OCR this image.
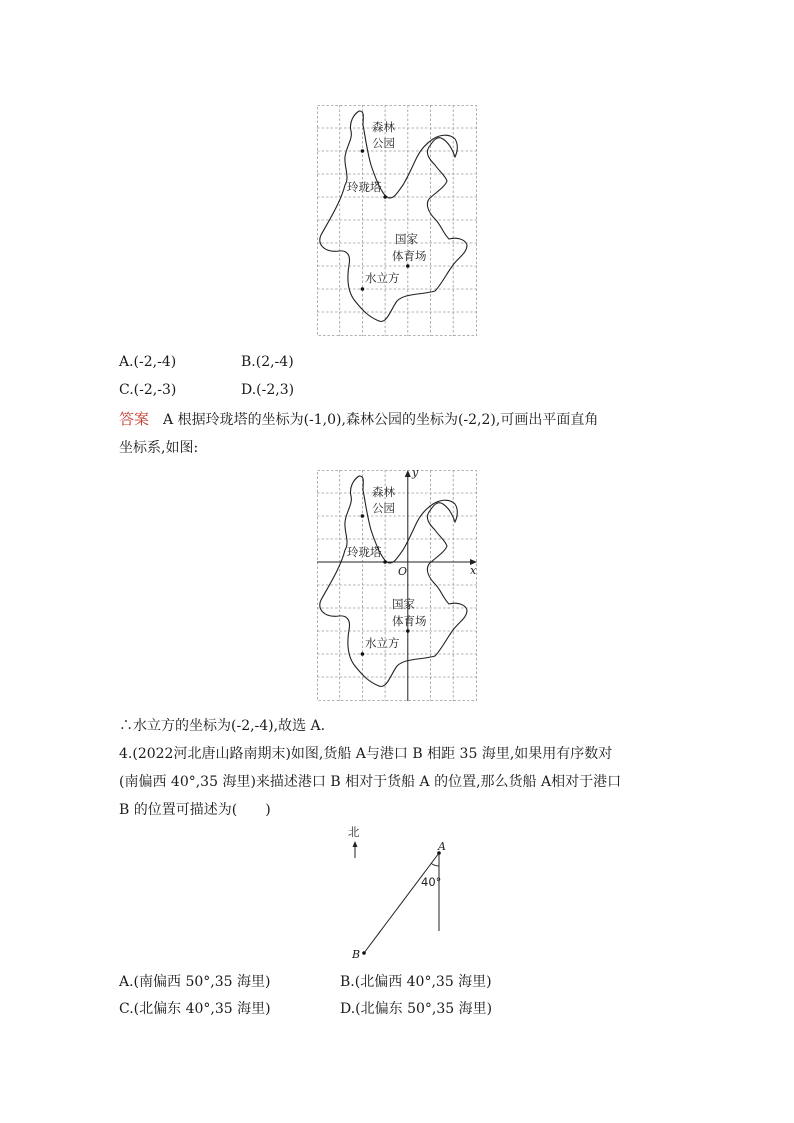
森林
公园
玲珑塔
国家
体育场
水立方
A.(-2,-4)	B.(2,-4)
C.(-2,-3)	D.(-2,3)
答案 A 根据玲珑塔的坐标为(-1,0),森林公园的坐标为(-2,2),可画出平面直角
坐标系,如图:
森林
公园
玲珑塔
国家
体育场
水立方
x
y
O
∴水立方的坐标为(-2,-4),故选 A.
4.(2022河北唐山路南期末)如图,货船 A与港口 B 相距 35 海里,如果用有序数对
(南偏西 40°,35 海里)来描述港口 B 相对于货船 A 的位置,那么货船 A相对于港口
B 的位置可描述为(　　)
北
A
B
40°
A.(南偏西 50°,35 海里)	B.(北偏西 40°,35 海里)
C.(北偏东 40°,35 海里)	D.(北偏东 50°,35 海里)
